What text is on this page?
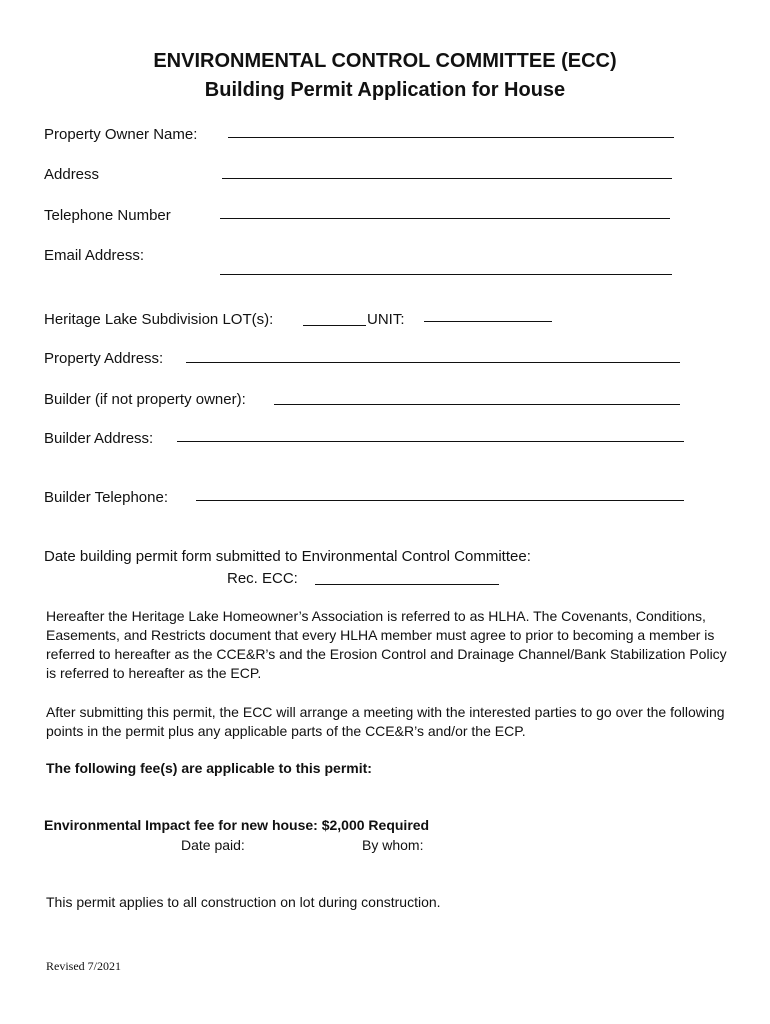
ENVIRONMENTAL CONTROL COMMITTEE (ECC)
Building Permit Application for House
Property Owner Name:
Address
Telephone Number
Email Address:
Heritage Lake Subdivision LOT(s):	UNIT:
Property Address:
Builder (if not property owner):
Builder Address:
Builder Telephone:
Date building permit form submitted to Environmental Control Committee:
Rec. ECC:
Hereafter the Heritage Lake Homeowner’s Association is referred to as HLHA. The Covenants, Conditions, Easements, and Restricts document that every HLHA member must agree to prior to becoming a member is referred to hereafter as the CCE&R’s and the Erosion Control and Drainage Channel/Bank Stabilization Policy is referred to hereafter as the ECP.
After submitting this permit, the ECC will arrange a meeting with the interested parties to go over the following points in the permit plus any applicable parts of the CCE&R’s and/or the ECP.
The following fee(s) are applicable to this permit:
Environmental Impact fee for new house: $2,000 Required
Date paid:	By whom:
This permit applies to all construction on lot during construction.
Revised 7/2021
